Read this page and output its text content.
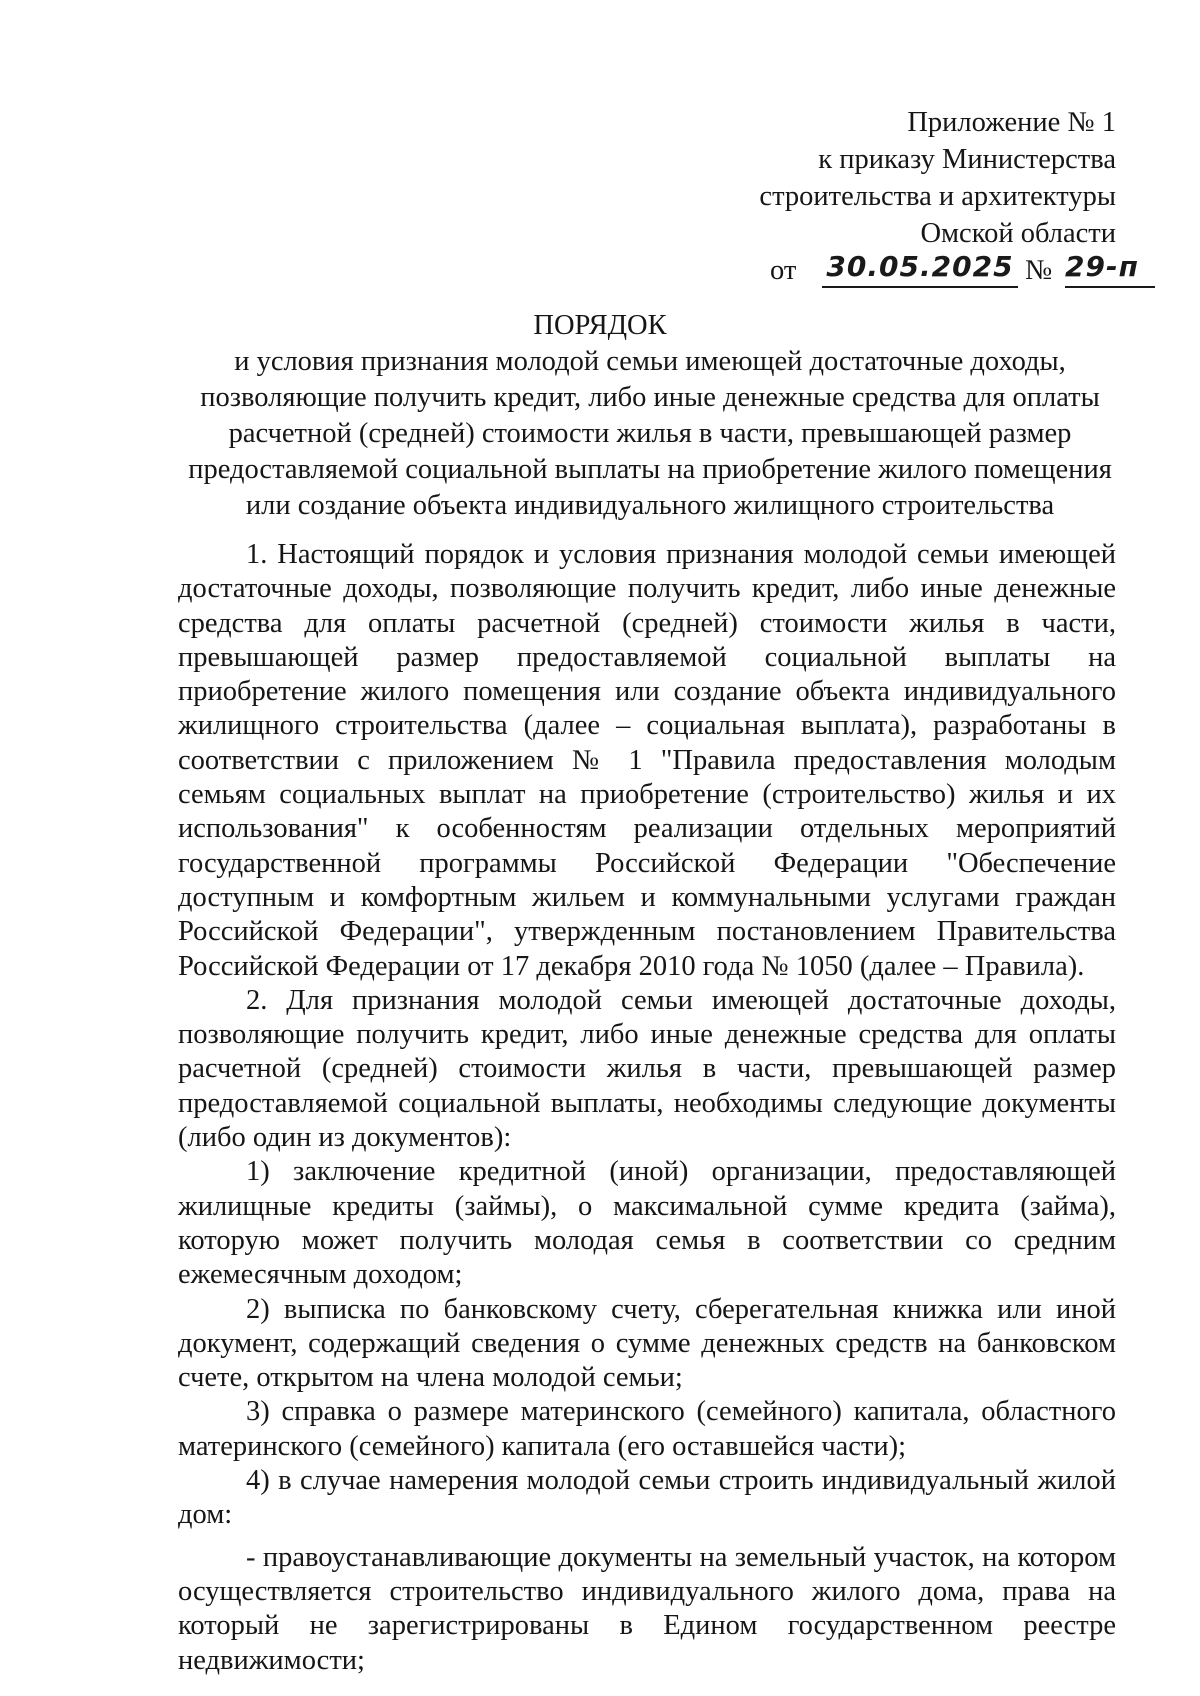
Приложение № 1
к приказу Министерства
строительства и архитектуры
Омской области
от 30.05.2025 № 29-п
ПОРЯДОК
и условия признания молодой семьи имеющей достаточные доходы,
позволяющие получить кредит, либо иные денежные средства для оплаты
расчетной (средней) стоимости жилья в части, превышающей размер
предоставляемой социальной выплаты на приобретение жилого помещения
или создание объекта индивидуального жилищного строительства

1. Настоящий порядок и условия признания молодой семьи имеющей достаточные доходы, позволяющие получить кредит, либо иные денежные средства для оплаты расчетной (средней) стоимости жилья в части, превышающей размер предоставляемой социальной выплаты на приобретение жилого помещения или создание объекта индивидуального жилищного строительства (далее – социальная выплата), разработаны в соответствии с приложением № 1 "Правила предоставления молодым семьям социальных выплат на приобретение (строительство) жилья и их использования" к особенностям реализации отдельных мероприятий государственной программы Российской Федерации "Обеспечение доступным и комфортным жильем и коммунальными услугами граждан Российской Федерации", утвержденным постановлением Правительства Российской Федерации от 17 декабря 2010 года № 1050 (далее – Правила).

2. Для признания молодой семьи имеющей достаточные доходы, позволяющие получить кредит, либо иные денежные средства для оплаты расчетной (средней) стоимости жилья в части, превышающей размер предоставляемой социальной выплаты, необходимы следующие документы (либо один из документов):

1) заключение кредитной (иной) организации, предоставляющей жилищные кредиты (займы), о максимальной сумме кредита (займа), которую может получить молодая семья в соответствии со средним ежемесячным доходом;

2) выписка по банковскому счету, сберегательная книжка или иной документ, содержащий сведения о сумме денежных средств на банковском счете, открытом на члена молодой семьи;

3) справка о размере материнского (семейного) капитала, областного материнского (семейного) капитала (его оставшейся части);

4) в случае намерения молодой семьи строить индивидуальный жилой дом:

- правоустанавливающие документы на земельный участок, на котором осуществляется строительство индивидуального жилого дома, права на который не зарегистрированы в Едином государственном реестре недвижимости;
